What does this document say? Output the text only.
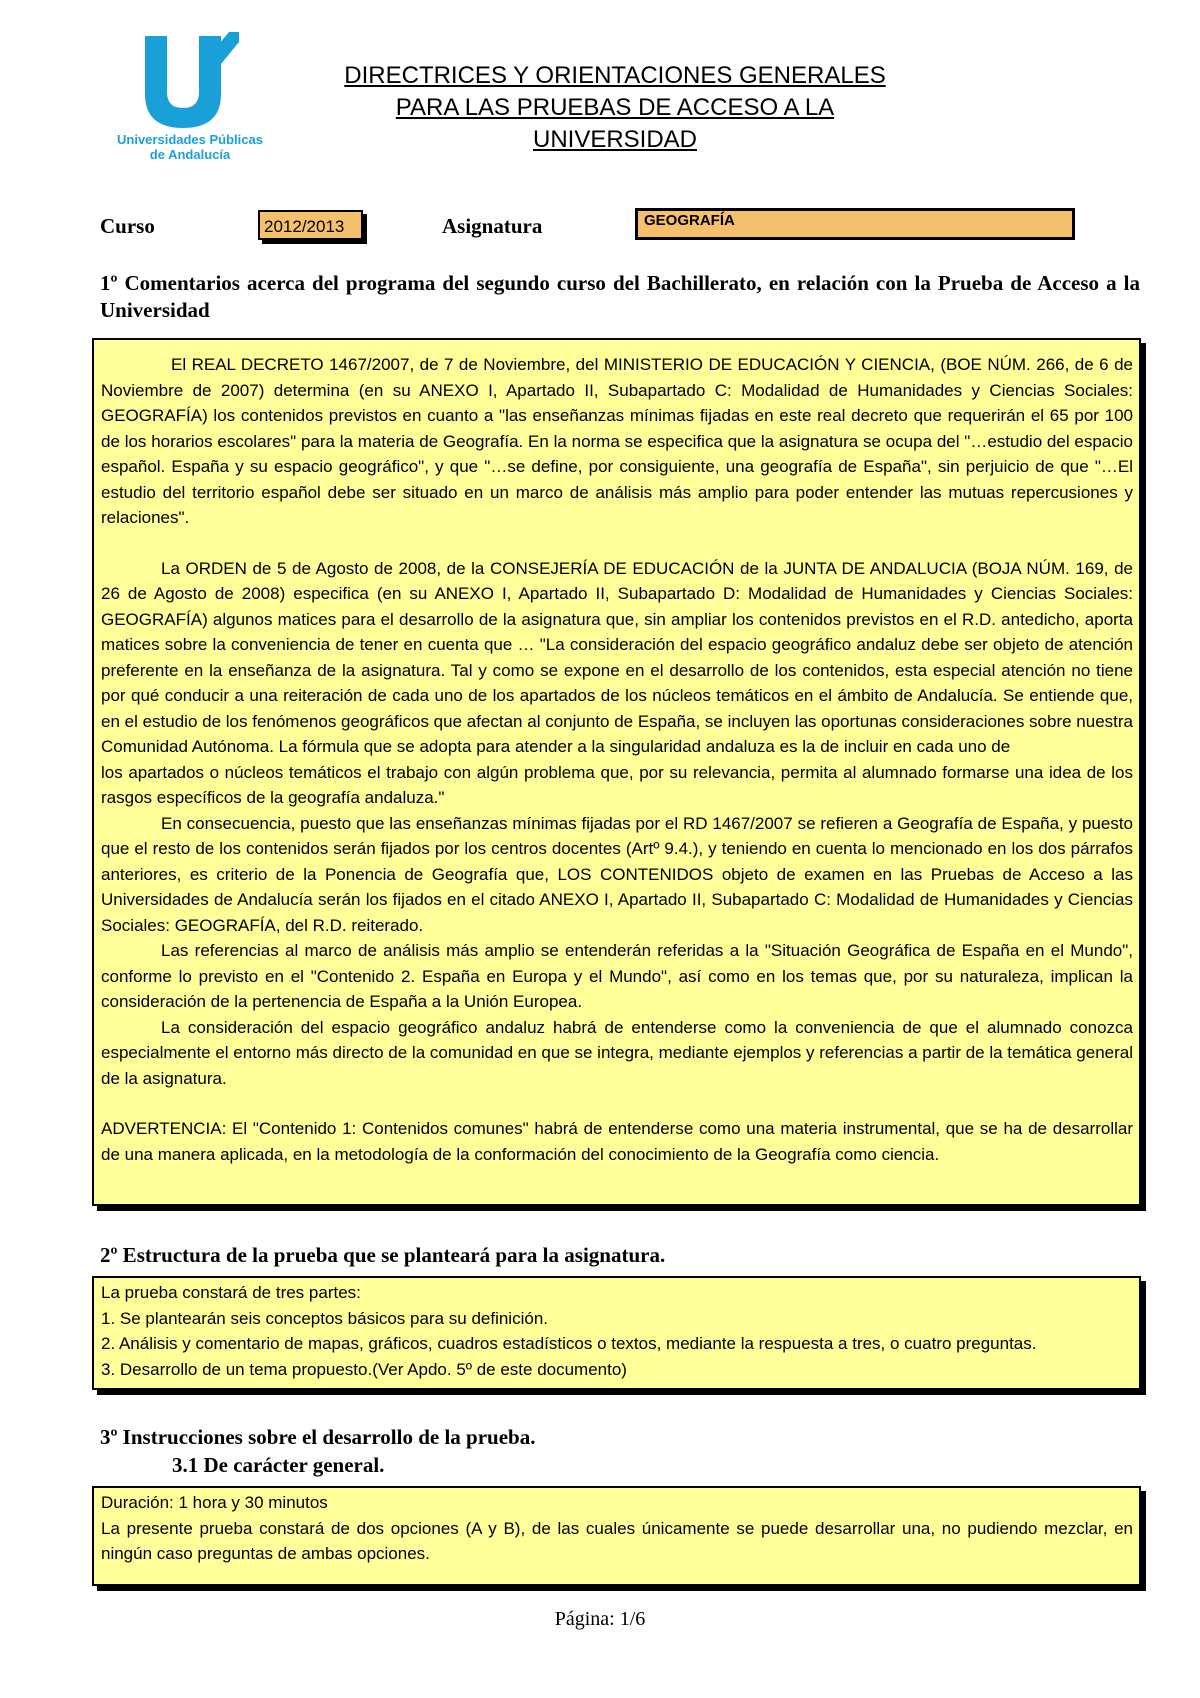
Universidades Públicas
de Andalucía
DIRECTRICES Y ORIENTACIONES GENERALES
PARA LAS PRUEBAS DE ACCESO A LA UNIVERSIDAD
Curso	2012/2013	Asignatura	GEOGRAFÍA
1º Comentarios acerca del programa del segundo curso del Bachillerato, en relación con la Prueba de Acceso a la Universidad

El REAL DECRETO 1467/2007, de 7 de Noviembre, del MINISTERIO DE EDUCACIÓN Y CIENCIA, (BOE NÚM. 266, de 6 de Noviembre de 2007) determina (en su ANEXO I, Apartado II, Subapartado C: Modalidad de Humanidades y Ciencias Sociales: GEOGRAFÍA) los contenidos previstos en cuanto a "las enseñanzas mínimas fijadas en este real decreto que requerirán el 65 por 100 de los horarios escolares" para la materia de Geografía. En la norma se especifica que la asignatura se ocupa del "…estudio del espacio español. España y su espacio geográfico", y que "…se define, por consiguiente, una geografía de España", sin perjuicio de que "…El estudio del territorio español debe ser situado en un marco de análisis más amplio para poder entender las mutuas repercusiones y relaciones".

La ORDEN de 5 de Agosto de 2008, de la CONSEJERÍA DE EDUCACIÓN de la JUNTA DE ANDALUCIA (BOJA NÚM. 169, de 26 de Agosto de 2008) especifica (en su ANEXO I, Apartado II, Subapartado D: Modalidad de Humanidades y Ciencias Sociales: GEOGRAFÍA) algunos matices para el desarrollo de la asignatura que, sin ampliar los contenidos previstos en el R.D. antedicho, aporta matices sobre la conveniencia de tener en cuenta que … "La consideración del espacio geográfico andaluz debe ser objeto de atención preferente en la enseñanza de la asignatura. Tal y como se expone en el desarrollo de los contenidos, esta especial atención no tiene por qué conducir a una reiteración de cada uno de los apartados de los núcleos temáticos en el ámbito de Andalucía. Se entiende que, en el estudio de los fenómenos geográficos que afectan al conjunto de España, se incluyen las oportunas consideraciones sobre nuestra Comunidad Autónoma. La fórmula que se adopta para atender a la singularidad andaluza es la de incluir en cada uno de

los apartados o núcleos temáticos el trabajo con algún problema que, por su relevancia, permita al alumnado formarse una idea de los rasgos específicos de la geografía andaluza."

En consecuencia, puesto que las enseñanzas mínimas fijadas por el RD 1467/2007 se refieren a Geografía de España, y puesto que el resto de los contenidos serán fijados por los centros docentes (Artº 9.4.), y teniendo en cuenta lo mencionado en los dos párrafos anteriores, es criterio de la Ponencia de Geografía que, LOS CONTENIDOS objeto de examen en las Pruebas de Acceso a las Universidades de Andalucía serán los fijados en el citado ANEXO I, Apartado II, Subapartado C: Modalidad de Humanidades y Ciencias Sociales: GEOGRAFÍA, del R.D. reiterado.

Las referencias al marco de análisis más amplio se entenderán referidas a la "Situación Geográfica de España en el Mundo", conforme lo previsto en el "Contenido 2. España en Europa y el Mundo", así como en los temas que, por su naturaleza, implican la consideración de la pertenencia de España a la Unión Europea.

La consideración del espacio geográfico andaluz habrá de entenderse como la conveniencia de que el alumnado conozca especialmente el entorno más directo de la comunidad en que se integra, mediante ejemplos y referencias a partir de la temática general de la asignatura.

ADVERTENCIA: El "Contenido 1: Contenidos comunes" habrá de entenderse como una materia instrumental, que se ha de desarrollar de una manera aplicada, en la metodología de la conformación del conocimiento de la Geografía como ciencia.

2º Estructura de la prueba que se planteará para la asignatura.

La prueba constará de tres partes:

1. Se plantearán seis conceptos básicos para su definición.

2. Análisis y comentario de mapas, gráficos, cuadros estadísticos o textos, mediante la respuesta a tres, o cuatro preguntas.

3. Desarrollo de un tema propuesto.(Ver Apdo. 5º de este documento)

3º Instrucciones sobre el desarrollo de la prueba.
3.1 De carácter general.

Duración: 1 hora y 30 minutos

La presente prueba constará de dos opciones (A y B), de las cuales únicamente se puede desarrollar una, no pudiendo mezclar, en ningún caso preguntas de ambas opciones.

Página: 1/6
